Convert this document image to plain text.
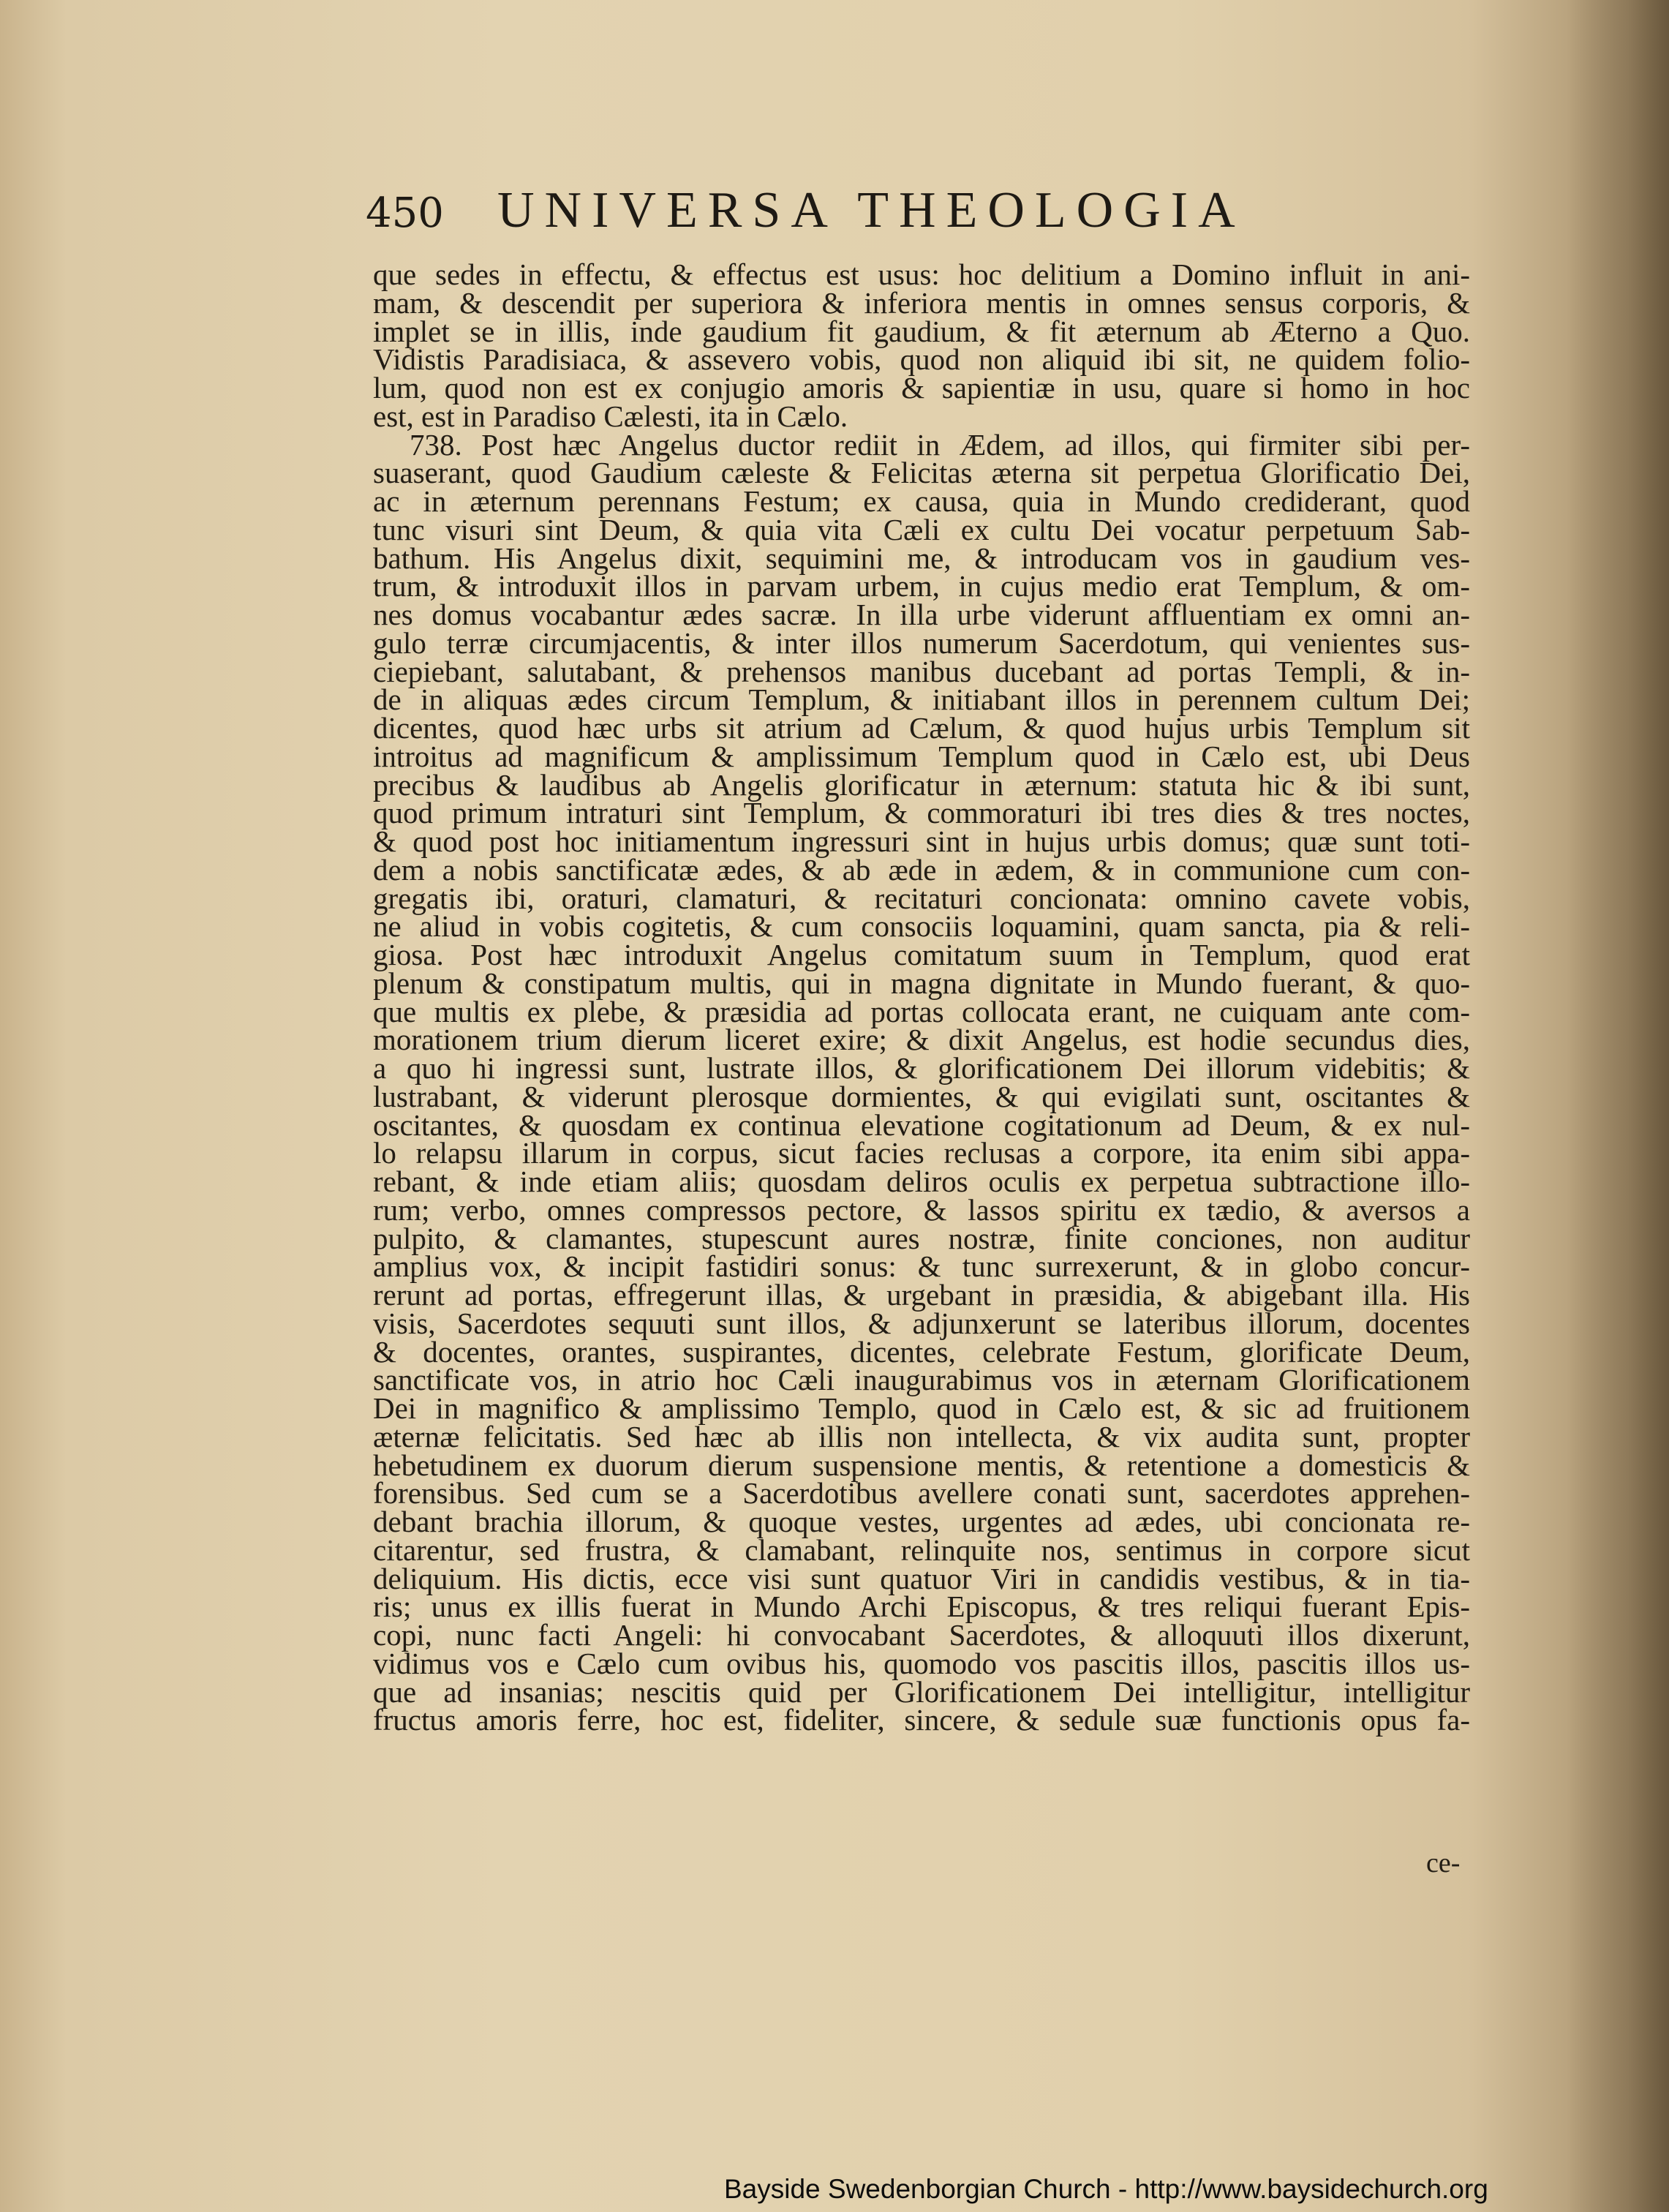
450	UNIVERSA THEOLOGIA
que sedes in effectu, & effectus est usus: hoc delitium a Domino influit in ani-
mam, & descendit per superiora & inferiora mentis in omnes sensus corporis, &
implet se in illis, inde gaudium fit gaudium, & fit æternum ab Æterno a Quo.
Vidistis Paradisiaca, & assevero vobis, quod non aliquid ibi sit, ne quidem folio-
lum, quod non est ex conjugio amoris & sapientiæ in usu, quare si homo in hoc
est, est in Paradiso Cælesti, ita in Cælo.
738. Post hæc Angelus ductor rediit in Ædem, ad illos, qui firmiter sibi per-
suaserant, quod Gaudium cæleste & Felicitas æterna sit perpetua Glorificatio Dei,
ac in æternum perennans Festum; ex causa, quia in Mundo crediderant, quod
tunc visuri sint Deum, & quia vita Cæli ex cultu Dei vocatur perpetuum Sab-
bathum. His Angelus dixit, sequimini me, & introducam vos in gaudium ves-
trum, & introduxit illos in parvam urbem, in cujus medio erat Templum, & om-
nes domus vocabantur ædes sacræ. In illa urbe viderunt affluentiam ex omni an-
gulo terræ circumjacentis, & inter illos numerum Sacerdotum, qui venientes sus-
ciepiebant, salutabant, & prehensos manibus ducebant ad portas Templi, & in-
de in aliquas ædes circum Templum, & initiabant illos in perennem cultum Dei;
dicentes, quod hæc urbs sit atrium ad Cælum, & quod hujus urbis Templum sit
introitus ad magnificum & amplissimum Templum quod in Cælo est, ubi Deus
precibus & laudibus ab Angelis glorificatur in æternum: statuta hic & ibi sunt,
quod primum intraturi sint Templum, & commoraturi ibi tres dies & tres noctes,
& quod post hoc initiamentum ingressuri sint in hujus urbis domus; quæ sunt toti-
dem a nobis sanctificatæ ædes, & ab æde in ædem, & in communione cum con-
gregatis ibi, oraturi, clamaturi, & recitaturi concionata: omnino cavete vobis,
ne aliud in vobis cogitetis, & cum consociis loquamini, quam sancta, pia & reli-
giosa. Post hæc introduxit Angelus comitatum suum in Templum, quod erat
plenum & constipatum multis, qui in magna dignitate in Mundo fuerant, & quo-
que multis ex plebe, & præsidia ad portas collocata erant, ne cuiquam ante com-
morationem trium dierum liceret exire; & dixit Angelus, est hodie secundus dies,
a quo hi ingressi sunt, lustrate illos, & glorificationem Dei illorum videbitis; &
lustrabant, & viderunt plerosque dormientes, & qui evigilati sunt, oscitantes &
oscitantes, & quosdam ex continua elevatione cogitationum ad Deum, & ex nul-
lo relapsu illarum in corpus, sicut facies reclusas a corpore, ita enim sibi appa-
rebant, & inde etiam aliis; quosdam deliros oculis ex perpetua subtractione illo-
rum; verbo, omnes compressos pectore, & lassos spiritu ex tædio, & aversos a
pulpito, & clamantes, stupescunt aures nostræ, finite conciones, non auditur
amplius vox, & incipit fastidiri sonus: & tunc surrexerunt, & in globo concur-
rerunt ad portas, effregerunt illas, & urgebant in præsidia, & abigebant illa. His
visis, Sacerdotes sequuti sunt illos, & adjunxerunt se lateribus illorum, docentes
& docentes, orantes, suspirantes, dicentes, celebrate Festum, glorificate Deum,
sanctificate vos, in atrio hoc Cæli inaugurabimus vos in æternam Glorificationem
Dei in magnifico & amplissimo Templo, quod in Cælo est, & sic ad fruitionem
æternæ felicitatis. Sed hæc ab illis non intellecta, & vix audita sunt, propter
hebetudinem ex duorum dierum suspensione mentis, & retentione a domesticis &
forensibus. Sed cum se a Sacerdotibus avellere conati sunt, sacerdotes apprehen-
debant brachia illorum, & quoque vestes, urgentes ad ædes, ubi concionata re-
citarentur, sed frustra, & clamabant, relinquite nos, sentimus in corpore sicut
deliquium. His dictis, ecce visi sunt quatuor Viri in candidis vestibus, & in tia-
ris; unus ex illis fuerat in Mundo Archi Episcopus, & tres reliqui fuerant Epis-
copi, nunc facti Angeli: hi convocabant Sacerdotes, & alloquuti illos dixerunt,
vidimus vos e Cælo cum ovibus his, quomodo vos pascitis illos, pascitis illos us-
que ad insanias; nescitis quid per Glorificationem Dei intelligitur, intelligitur
fructus amoris ferre, hoc est, fideliter, sincere, & sedule suæ functionis opus fa-
ce-
Bayside Swedenborgian Church - http://www.baysidechurch.org
